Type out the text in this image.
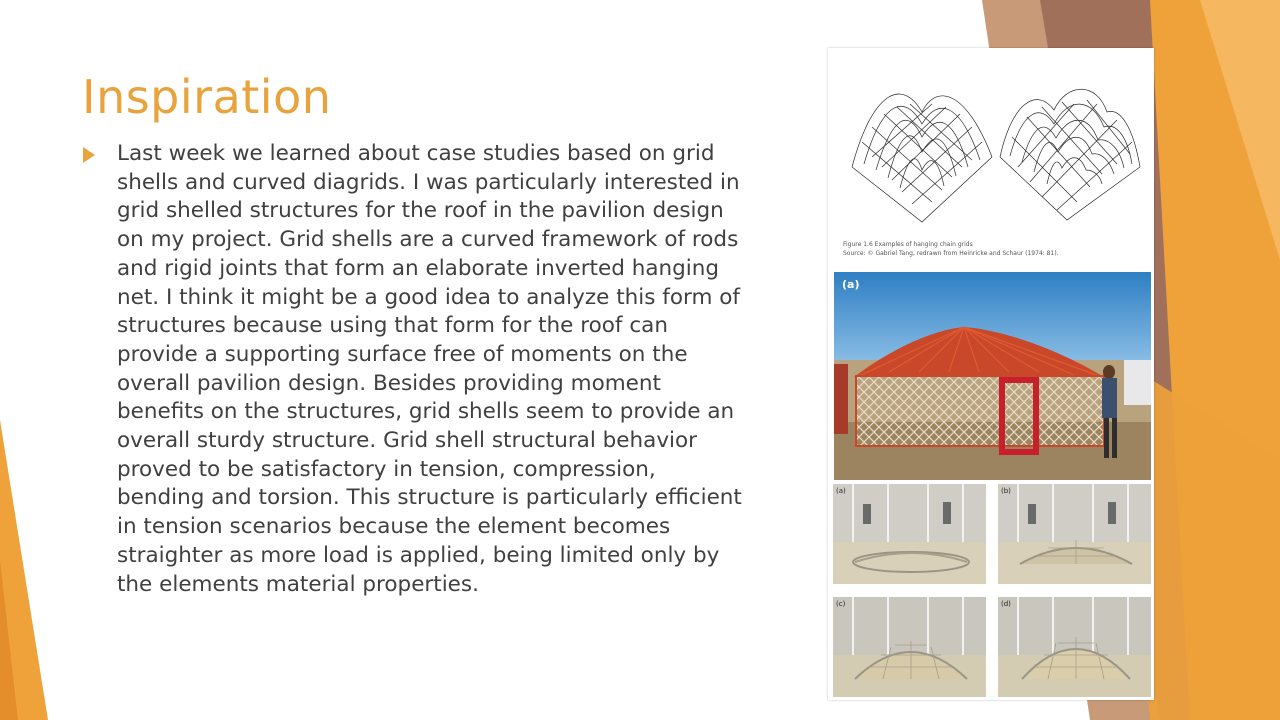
Inspiration
Last week we learned about case studies based on grid shells and curved diagrids. I was particularly interested in grid shelled structures for the roof in the pavilion design on my project. Grid shells are a curved framework of rods and rigid joints that form an elaborate inverted hanging net. I think it might be a good idea to analyze this form of structures because using that form for the roof can provide a supporting surface free of moments on the overall pavilion design. Besides providing moment benefits on the structures, grid shells seem to provide an overall sturdy structure. Grid shell structural behavior proved to be satisfactory in tension, compression, bending and torsion. This structure is particularly efficient in tension scenarios because the element becomes straighter as more load is applied, being limited only by the elements material properties.
Figure 1.6 Examples of hanging chain grids
Source: © Gabriel Tang, redrawn from Heinricke and Schaur (1974: 81).
(a)
(a)	(b)
(c)	(d)
